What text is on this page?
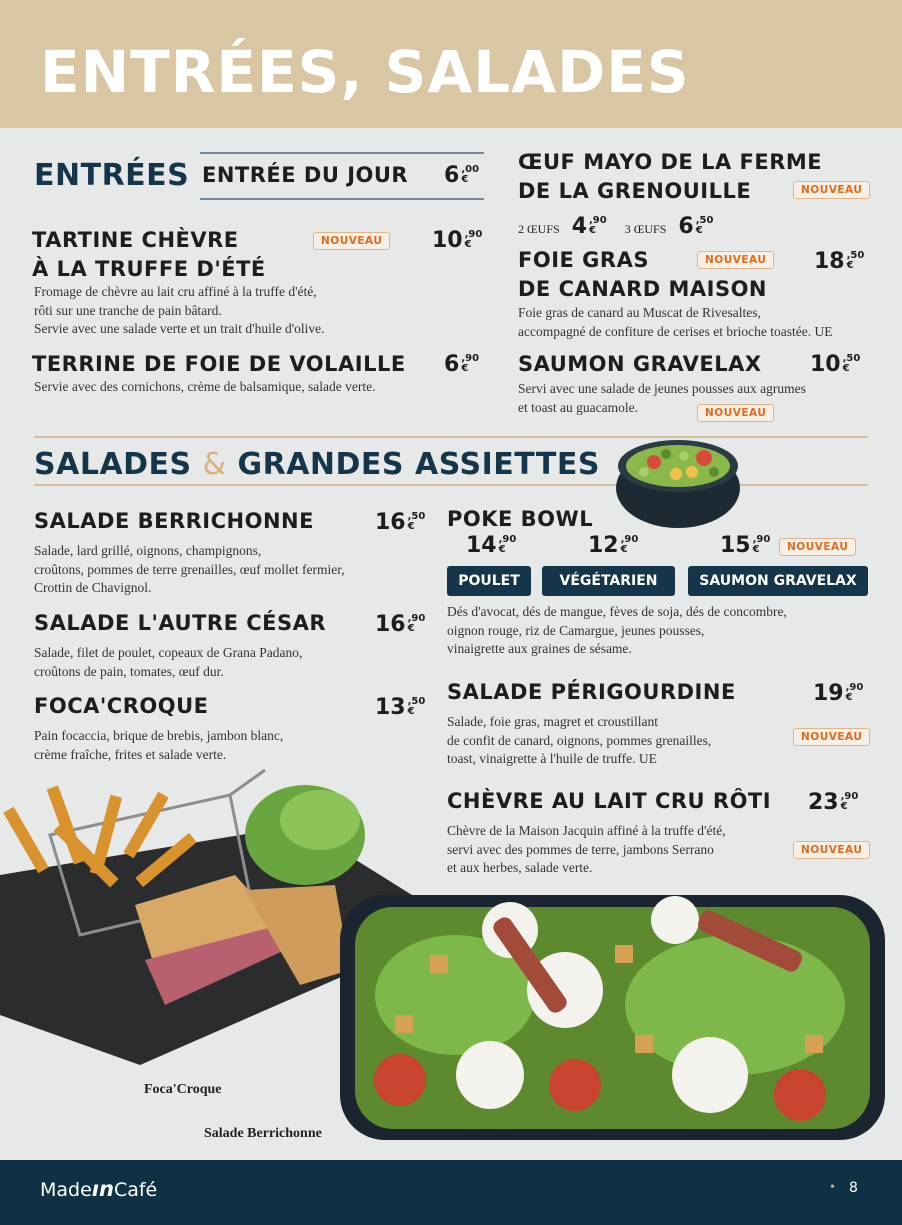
ENTRÉES, SALADES
ENTRÉES ENTRÉE DU JOUR 6 ,00
€
TARTINE CHÈVRE
À LA TRUFFE D'ÉTÉ
NOUVEAU	10 ,90
€
Fromage de chèvre au lait cru affiné à la truffe d'été,
rôti sur une tranche de pain bâtard.
Servie avec une salade verte et un trait d'huile d'olive.
TERRINE DE FOIE DE VOLAILLE 6 ,90
€
Servie avec des cornichons, crème de balsamique, salade verte.
ŒUF MAYO DE LA FERME
DE LA GRENOUILLE	NOUVEAU
2 ŒUFS 4 ,90
€	3 ŒUFS 6 ,50
€
FOIE GRAS
DE CANARD MAISON
NOUVEAU	18 ,50
€
Foie gras de canard au Muscat de Rivesaltes,
accompagné de confiture de cerises et brioche toastée. UE
SAUMON GRAVELAX 10 ,50
€
Servi avec une salade de jeunes pousses aux agrumes
et toast au guacamole.	NOUVEAU
SALADES & GRANDES ASSIETTES
SALADE BERRICHONNE	16 ,50
€
Salade, lard grillé, oignons, champignons,
croûtons, pommes de terre grenailles, œuf mollet fermier,
Crottin de Chavignol.
SALADE L'AUTRE CÉSAR 16 ,90
€
Salade, filet de poulet, copeaux de Grana Padano,
croûtons de pain, tomates, œuf dur.
FOCA'CROQUE	13 ,50
€
Pain focaccia, brique de brebis, jambon blanc,
crème fraîche, frites et salade verte.
POKE BOWL
14 ,90
€	12 ,90
€	15 ,90
€	NOUVEAU
POULET	VÉGÉTARIEN	SAUMON GRAVELAX
Dés d'avocat, dés de mangue, fèves de soja, dés de concombre,
oignon rouge, riz de Camargue, jeunes pousses,
vinaigrette aux graines de sésame.
SALADE PÉRIGOURDINE	19 ,90
€
Salade, foie gras, magret et croustillant
de confit de canard, oignons, pommes grenailles,
toast, vinaigrette à l'huile de truffe. UE
NOUVEAU
CHÈVRE AU LAIT CRU RÔTI 23 ,90
€
Chèvre de la Maison Jacquin affiné à la truffe d'été,
servi avec des pommes de terre, jambons Serrano
et aux herbes, salade verte.
NOUVEAU
Foca'Croque
Salade Berrichonne
MadeınCafé	• 8
